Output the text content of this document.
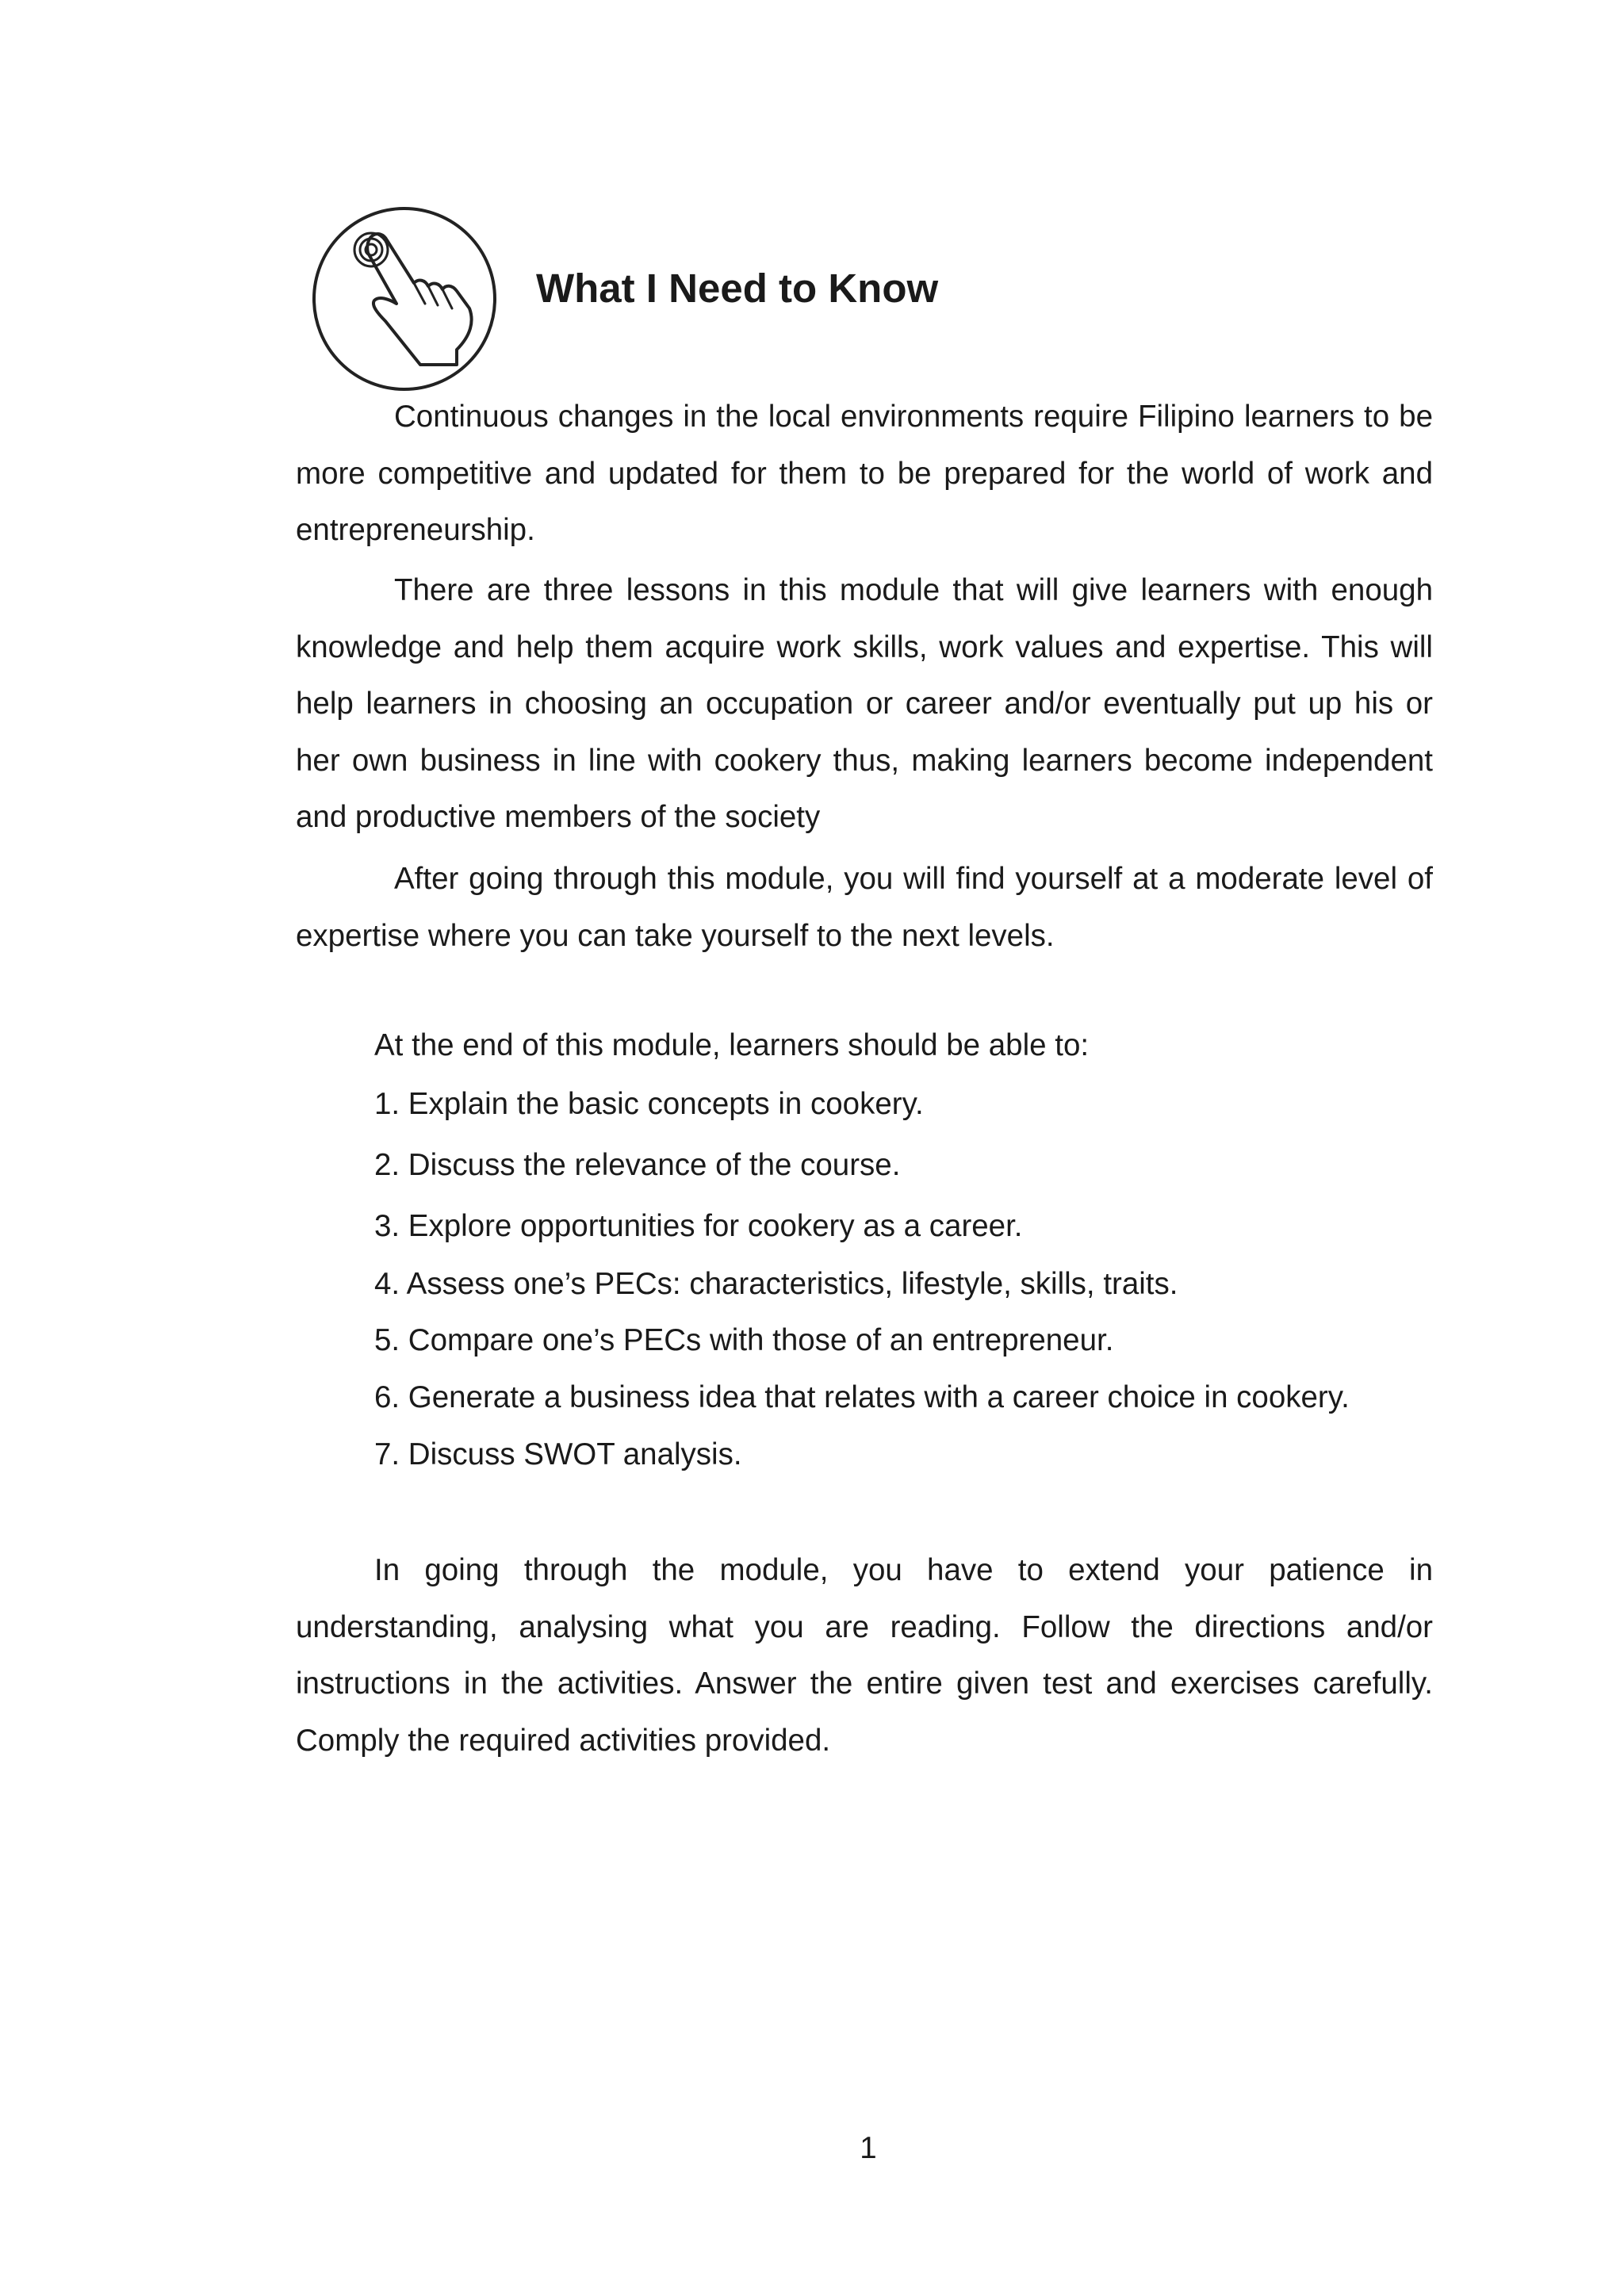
What I Need to Know

Continuous changes in the local environments require Filipino learners to be more competitive and updated for them to be prepared for the world of work and entrepreneurship.

There are three lessons in this module that will give learners with enough knowledge and help them acquire work skills, work values and expertise. This will help learners in choosing an occupation or career and/or eventually put up his or her own business in line with cookery thus, making learners become independent and productive members of the society

After going through this module, you will find yourself at a moderate level of expertise where you can take yourself to the next levels.

At the end of this module, learners should be able to:

1. Explain the basic concepts in cookery.

2. Discuss the relevance of the course.

3. Explore opportunities for cookery as a career.

4. Assess one’s PECs: characteristics, lifestyle, skills, traits.

5. Compare one’s PECs with those of an entrepreneur.

6. Generate a business idea that relates with a career choice in cookery.

7. Discuss SWOT analysis.

In going through the module, you have to extend your patience in understanding, analysing what you are reading. Follow the directions and/or instructions in the activities. Answer the entire given test and exercises carefully. Comply the required activities provided.

1
